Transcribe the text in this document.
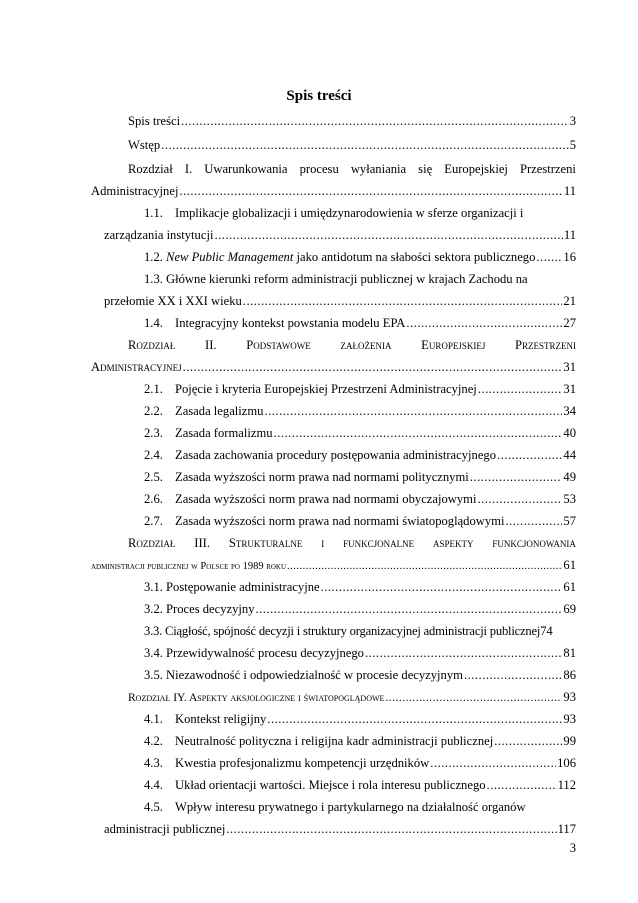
Spis treści
Spis treści .....	3
Wstęp .....	5
Rozdział I. Uwarunkowania procesu wyłaniania się Europejskiej Przestrzeni
Administracyjnej .....	11
1.1. Implikacje globalizacji i umiędzynarodowienia w sferze organizacji i
zarządzania instytucji .....	11
1.2. New Public Management jako antidotum na słabości sektora publicznego ..... 16
1.3. Główne kierunki reform administracji publicznej w krajach Zachodu na
przełomie XX i XXI wieku .....	21
1.4. Integracyjny kontekst powstania modelu EPA .....	27
Rozdział II. Podstawowe założenia Europejskiej Przestrzeni
Administracyjnej .....	31
2.1. Pojęcie i kryteria Europejskiej Przestrzeni Administracyjnej .....	31
2.2. Zasada legalizmu .....	34
2.3. Zasada formalizmu .....	40
2.4. Zasada zachowania procedury postępowania administracyjnego .....	44
2.5. Zasada wyższości norm prawa nad normami politycznymi .....	49
2.6. Zasada wyższości norm prawa nad normami obyczajowymi .....	53
2.7. Zasada wyższości norm prawa nad normami światopoglądowymi .....	57
Rozdział III. Strukturalne i funkcjonalne aspekty funkcjonowania
administracji publicznej w Polsce po 1989 roku .....	61
3.1. Postępowanie administracyjne .....	61
3.2. Proces decyzyjny .....	69
3.3. Ciągłość, spójność decyzji i struktury organizacyjnej administracji publicznej 74
3.4. Przewidywalność procesu decyzyjnego .....	81
3.5. Niezawodność i odpowiedzialność w procesie decyzyjnym .....	86
Rozdział IY. Aspekty aksjologiczne i światopoglądowe .....	93
4.1. Kontekst religijny .....	93
4.2. Neutralność polityczna i religijna kadr administracji publicznej .....	99
4.3. Kwestia profesjonalizmu kompetencji urzędników .....	106
4.4. Układ orientacji wartości. Miejsce i rola interesu publicznego .....	112
4.5. Wpływ interesu prywatnego i partykularnego na działalność organów
administracji publicznej .....	117
3
